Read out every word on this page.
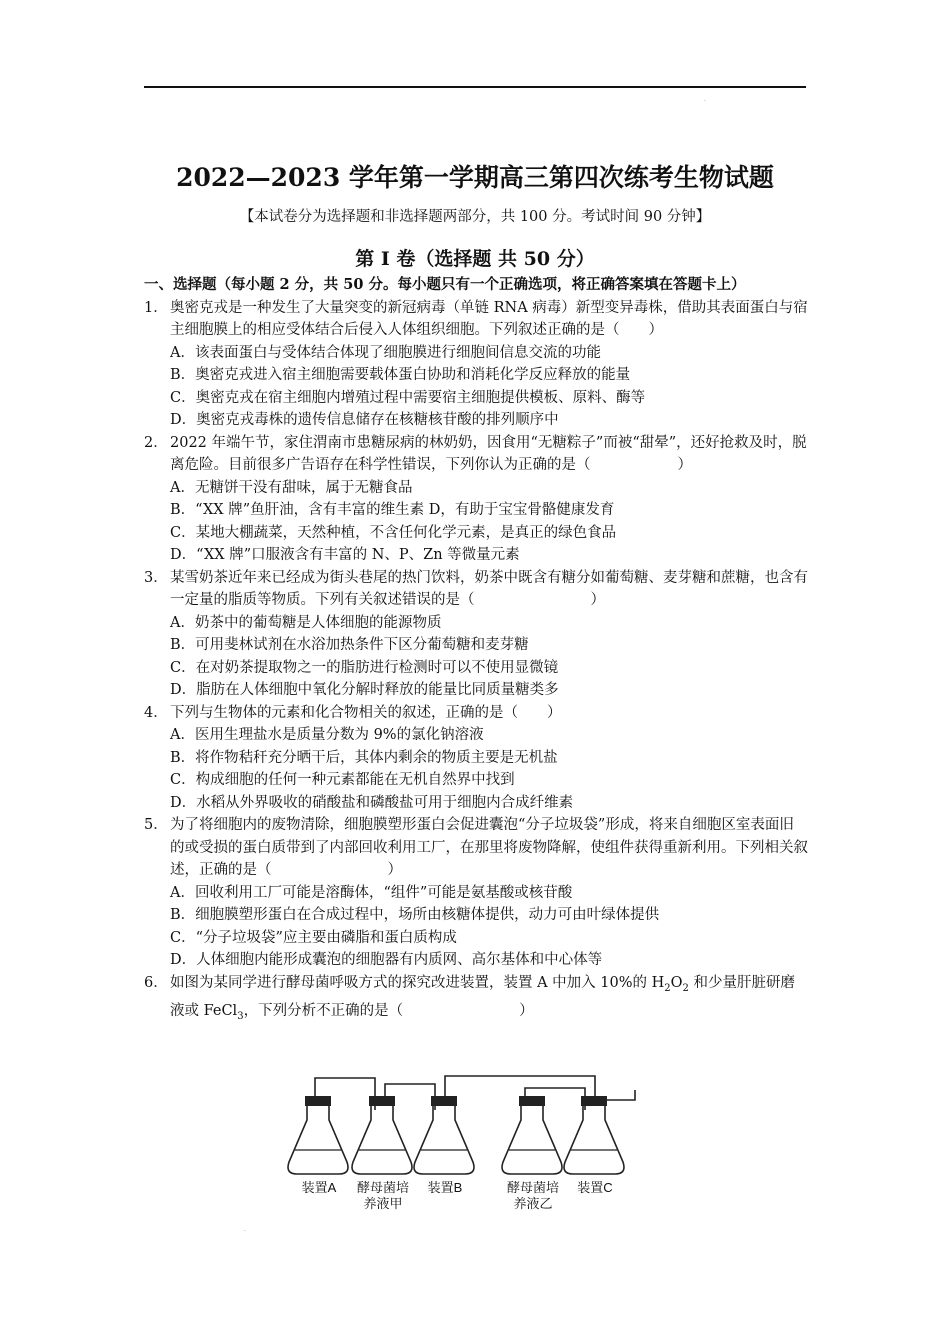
.
2022—2023 学年第一学期高三第四次练考生物试题
【本试卷分为选择题和非选择题两部分，共 100 分。考试时间 90 分钟】
第 I 卷（选择题 共 50 分）

一、选择题（每小题 2 分，共 50 分。每小题只有一个正确选项，将正确答案填在答题卡上）

1． 奥密克戎是一种发生了大量突变的新冠病毒（单链 RNA 病毒）新型变异毒株，借助其表面蛋白与宿主细胞膜上的相应受体结合后侵入人体组织细胞。下列叙述正确的是（　　）

A．该表面蛋白与受体结合体现了细胞膜进行细胞间信息交流的功能

B．奥密克戎进入宿主细胞需要载体蛋白协助和消耗化学反应释放的能量

C．奥密克戎在宿主细胞内增殖过程中需要宿主细胞提供模板、原料、酶等

D．奥密克戎毒株的遗传信息储存在核糖核苷酸的排列顺序中

2． 2022 年端午节，家住渭南市患糖尿病的林奶奶，因食用“无糖粽子”而被“甜晕”，还好抢救及时，脱离危险。目前很多广告语存在科学性错误，下列你认为正确的是（　　　　　　）

A．无糖饼干没有甜味，属于无糖食品

B．“XX 牌”鱼肝油，含有丰富的维生素 D，有助于宝宝骨骼健康发育

C．某地大棚蔬菜，天然种植，不含任何化学元素，是真正的绿色食品

D．“XX 牌”口服液含有丰富的 N、P、Zn 等微量元素

3． 某雪奶茶近年来已经成为街头巷尾的热门饮料，奶茶中既含有糖分如葡萄糖、麦芽糖和蔗糖，也含有一定量的脂质等物质。下列有关叙述错误的是（　　　　　　　　）

A．奶茶中的葡萄糖是人体细胞的能源物质

B．可用斐林试剂在水浴加热条件下区分葡萄糖和麦芽糖

C．在对奶茶提取物之一的脂肪进行检测时可以不使用显微镜

D．脂肪在人体细胞中氧化分解时释放的能量比同质量糖类多

4． 下列与生物体的元素和化合物相关的叙述，正确的是（　　）

A．医用生理盐水是质量分数为 9%的氯化钠溶液

B．将作物秸秆充分晒干后，其体内剩余的物质主要是无机盐

C．构成细胞的任何一种元素都能在无机自然界中找到

D．水稻从外界吸收的硝酸盐和磷酸盐可用于细胞内合成纤维素

5． 为了将细胞内的废物清除，细胞膜塑形蛋白会促进囊泡“分子垃圾袋”形成，将来自细胞区室表面旧的或受损的蛋白质带到了内部回收利用工厂，在那里将废物降解，使组件获得重新利用。下列相关叙述，正确的是（　　　　　　　　）

A．回收利用工厂可能是溶酶体，“组件”可能是氨基酸或核苷酸

B．细胞膜塑形蛋白在合成过程中，场所由核糖体提供，动力可由叶绿体提供

C．“分子垃圾袋”应主要由磷脂和蛋白质构成

D．人体细胞内能形成囊泡的细胞器有内质网、高尔基体和中心体等

6． 如图为某同学进行酵母菌呼吸方式的探究改进装置，装置 A 中加入 10%的 $H_2O_2$ 和少量肝脏研磨液或 FeCl$_3$，下列分析不正确的是（　　　　　　　　）
装置A 酵母菌培
养液甲
装置B	酵母菌培
养液乙
装置C
.
